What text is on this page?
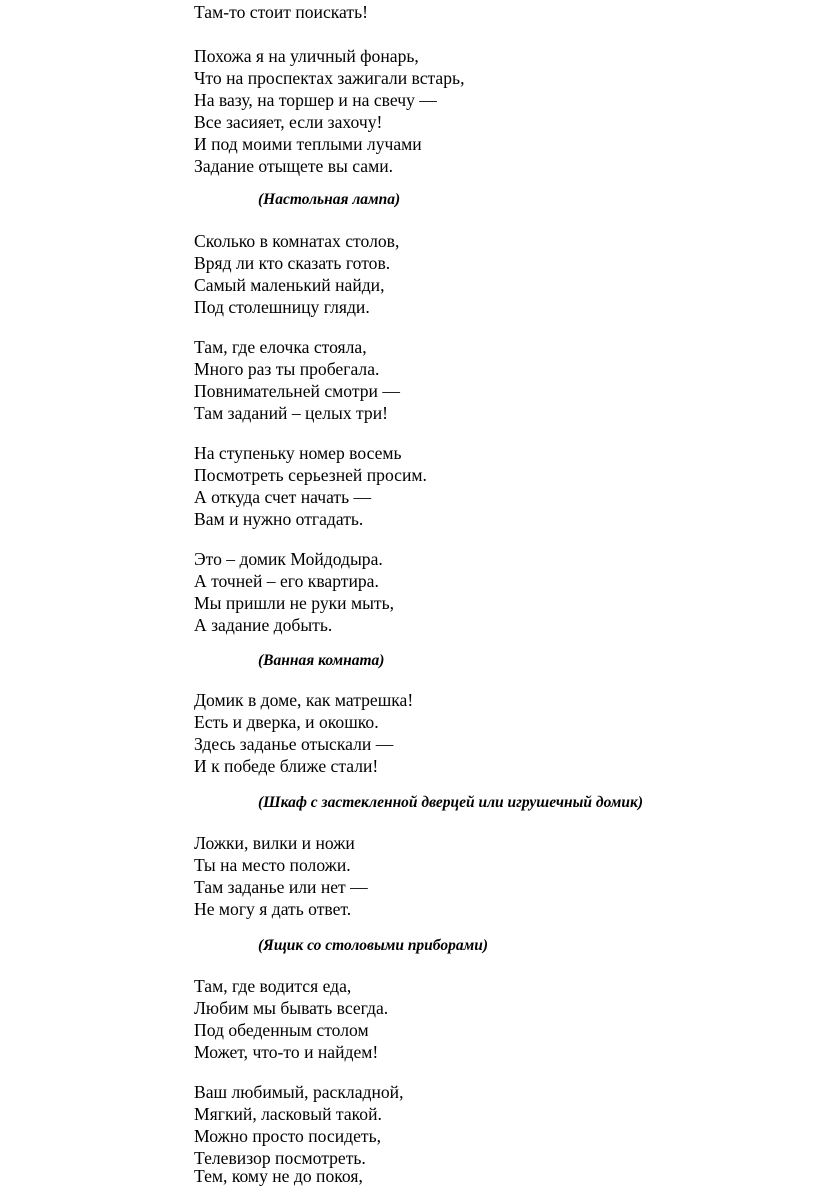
Там-то стоит поискать!
Похожа я на уличный фонарь,
Что на проспектах зажигали встарь,
На вазу, на торшер и на свечу —
Все засияет, если захочу!
И под моими теплыми лучами
Задание отыщете вы сами.
(Настольная лампа)
Сколько в комнатах столов,
Вряд ли кто сказать готов.
Самый маленький найди,
Под столешницу гляди.
Там, где елочка стояла,
Много раз ты пробегала.
Повнимательней смотри —
Там заданий – целых три!
На ступеньку номер восемь
Посмотреть серьезней просим.
А откуда счет начать —
Вам и нужно отгадать.
Это – домик Мойдодыра.
А точней – его квартира.
Мы пришли не руки мыть,
А задание добыть.
(Ванная комната)
Домик в доме, как матрешка!
Есть и дверка, и окошко.
Здесь заданье отыскали —
И к победе ближе стали!
(Шкаф с застекленной дверцей или игрушечный домик)
Ложки, вилки и ножи
Ты на место положи.
Там заданье или нет —
Не могу я дать ответ.
(Ящик со столовыми приборами)
Там, где водится еда,
Любим мы бывать всегда.
Под обеденным столом
Может, что-то и найдем!
Ваш любимый, раскладной,
Мягкий, ласковый такой.
Можно просто посидеть,
Телевизор посмотреть.
Тем, кому не до покоя,
